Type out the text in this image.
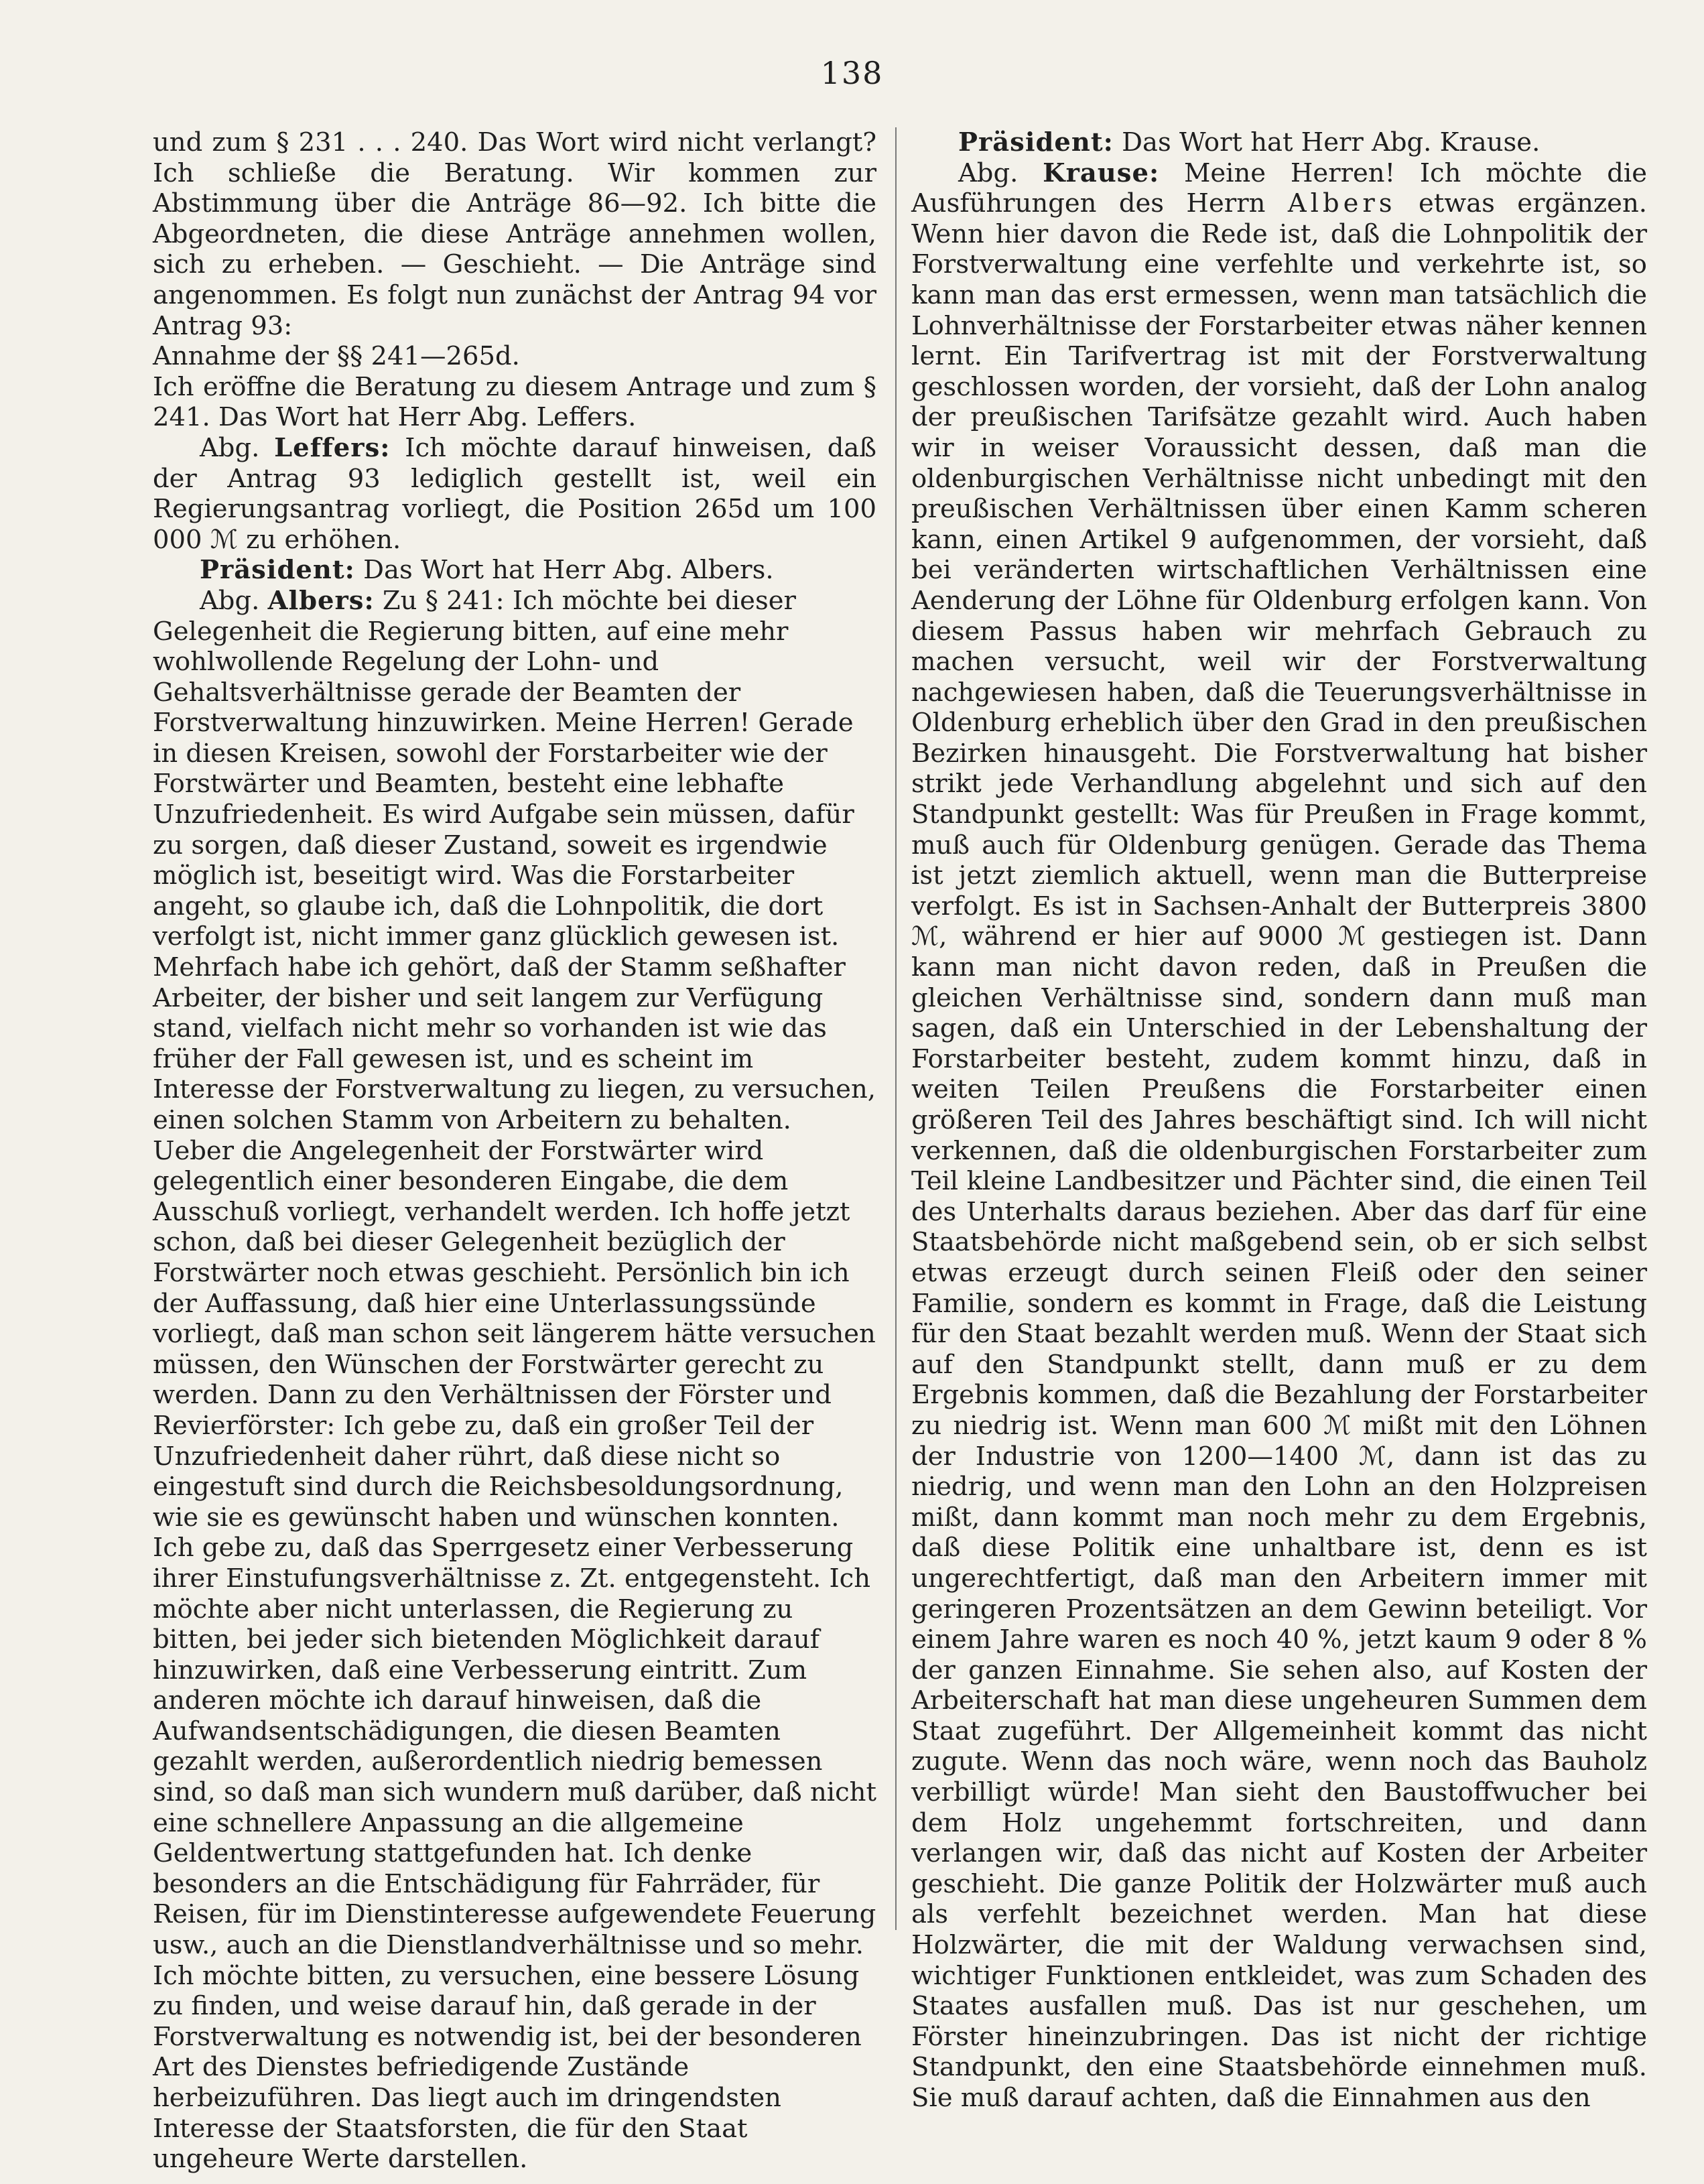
138

und zum § 231 . . . 240. Das Wort wird nicht verlangt? Ich schließe die Beratung. Wir kommen zur Abstimmung über die Anträge 86—92. Ich bitte die Abgeordneten, die diese Anträge annehmen wollen, sich zu erheben. — Geschieht. — Die Anträge sind angenommen. Es folgt nun zunächst der Antrag 94 vor Antrag 93:

Annahme der §§ 241—265d.

Ich eröffne die Beratung zu diesem Antrage und zum § 241. Das Wort hat Herr Abg. Leffers.

Abg. Leffers: Ich möchte darauf hinweisen, daß der Antrag 93 lediglich gestellt ist, weil ein Regierungsantrag vorliegt, die Position 265d um 100 000 ℳ zu erhöhen.

Präsident: Das Wort hat Herr Abg. Albers.

Abg. Albers: Zu § 241: Ich möchte bei dieser Gelegenheit die Regierung bitten, auf eine mehr wohlwollende Regelung der Lohn- und Gehaltsverhältnisse gerade der Beamten der Forstverwaltung hinzuwirken. Meine Herren! Gerade in diesen Kreisen, sowohl der Forstarbeiter wie der Forstwärter und Beamten, besteht eine lebhafte Unzufriedenheit. Es wird Aufgabe sein müssen, dafür zu sorgen, daß dieser Zustand, soweit es irgendwie möglich ist, beseitigt wird. Was die Forstarbeiter angeht, so glaube ich, daß die Lohnpolitik, die dort verfolgt ist, nicht immer ganz glücklich gewesen ist. Mehrfach habe ich gehört, daß der Stamm seßhafter Arbeiter, der bisher und seit langem zur Verfügung stand, vielfach nicht mehr so vorhanden ist wie das früher der Fall gewesen ist, und es scheint im Interesse der Forstverwaltung zu liegen, zu versuchen, einen solchen Stamm von Arbeitern zu behalten. Ueber die Angelegenheit der Forstwärter wird gelegentlich einer besonderen Eingabe, die dem Ausschuß vorliegt, verhandelt werden. Ich hoffe jetzt schon, daß bei dieser Gelegenheit bezüglich der Forstwärter noch etwas geschieht. Persönlich bin ich der Auffassung, daß hier eine Unterlassungssünde vorliegt, daß man schon seit längerem hätte versuchen müssen, den Wünschen der Forstwärter gerecht zu werden. Dann zu den Verhältnissen der Förster und Revierförster: Ich gebe zu, daß ein großer Teil der Unzufriedenheit daher rührt, daß diese nicht so eingestuft sind durch die Reichsbesoldungsordnung, wie sie es gewünscht haben und wünschen konnten. Ich gebe zu, daß das Sperrgesetz einer Verbesserung ihrer Einstufungsverhältnisse z. Zt. entgegensteht. Ich möchte aber nicht unterlassen, die Regierung zu bitten, bei jeder sich bietenden Möglichkeit darauf hinzuwirken, daß eine Verbesserung eintritt. Zum anderen möchte ich darauf hinweisen, daß die Aufwandsentschädigungen, die diesen Beamten gezahlt werden, außerordentlich niedrig bemessen sind, so daß man sich wundern muß darüber, daß nicht eine schnellere Anpassung an die allgemeine Geldentwertung stattgefunden hat. Ich denke besonders an die Entschädigung für Fahrräder, für Reisen, für im Dienstinteresse aufgewendete Feuerung usw., auch an die Dienstlandverhältnisse und so mehr. Ich möchte bitten, zu versuchen, eine bessere Lösung zu finden, und weise darauf hin, daß gerade in der Forstverwaltung es notwendig ist, bei der besonderen Art des Dienstes befriedigende Zustände herbeizuführen. Das liegt auch im dringendsten Interesse der Staatsforsten, die für den Staat ungeheure Werte darstellen.

Präsident: Das Wort hat Herr Abg. Krause.

Abg. Krause: Meine Herren! Ich möchte die Ausführungen des Herrn Albers etwas ergänzen. Wenn hier davon die Rede ist, daß die Lohnpolitik der Forstverwaltung eine verfehlte und verkehrte ist, so kann man das erst ermessen, wenn man tatsächlich die Lohnverhältnisse der Forstarbeiter etwas näher kennen lernt. Ein Tarifvertrag ist mit der Forstverwaltung geschlossen worden, der vorsieht, daß der Lohn analog der preußischen Tarifsätze gezahlt wird. Auch haben wir in weiser Voraussicht dessen, daß man die oldenburgischen Verhältnisse nicht unbedingt mit den preußischen Verhältnissen über einen Kamm scheren kann, einen Artikel 9 aufgenommen, der vorsieht, daß bei veränderten wirtschaftlichen Verhältnissen eine Aenderung der Löhne für Oldenburg erfolgen kann. Von diesem Passus haben wir mehrfach Gebrauch zu machen versucht, weil wir der Forstverwaltung nachgewiesen haben, daß die Teuerungsverhältnisse in Oldenburg erheblich über den Grad in den preußischen Bezirken hinausgeht. Die Forstverwaltung hat bisher strikt jede Verhandlung abgelehnt und sich auf den Standpunkt gestellt: Was für Preußen in Frage kommt, muß auch für Oldenburg genügen. Gerade das Thema ist jetzt ziemlich aktuell, wenn man die Butterpreise verfolgt. Es ist in Sachsen-Anhalt der Butterpreis 3800 ℳ, während er hier auf 9000 ℳ gestiegen ist. Dann kann man nicht davon reden, daß in Preußen die gleichen Verhältnisse sind, sondern dann muß man sagen, daß ein Unterschied in der Lebenshaltung der Forstarbeiter besteht, zudem kommt hinzu, daß in weiten Teilen Preußens die Forstarbeiter einen größeren Teil des Jahres beschäftigt sind. Ich will nicht verkennen, daß die oldenburgischen Forstarbeiter zum Teil kleine Landbesitzer und Pächter sind, die einen Teil des Unterhalts daraus beziehen. Aber das darf für eine Staatsbehörde nicht maßgebend sein, ob er sich selbst etwas erzeugt durch seinen Fleiß oder den seiner Familie, sondern es kommt in Frage, daß die Leistung für den Staat bezahlt werden muß. Wenn der Staat sich auf den Standpunkt stellt, dann muß er zu dem Ergebnis kommen, daß die Bezahlung der Forstarbeiter zu niedrig ist. Wenn man 600 ℳ mißt mit den Löhnen der Industrie von 1200—1400 ℳ, dann ist das zu niedrig, und wenn man den Lohn an den Holzpreisen mißt, dann kommt man noch mehr zu dem Ergebnis, daß diese Politik eine unhaltbare ist, denn es ist ungerechtfertigt, daß man den Arbeitern immer mit geringeren Prozentsätzen an dem Gewinn beteiligt. Vor einem Jahre waren es noch 40 %, jetzt kaum 9 oder 8 % der ganzen Einnahme. Sie sehen also, auf Kosten der Arbeiterschaft hat man diese ungeheuren Summen dem Staat zugeführt. Der Allgemeinheit kommt das nicht zugute. Wenn das noch wäre, wenn noch das Bauholz verbilligt würde! Man sieht den Baustoffwucher bei dem Holz ungehemmt fortschreiten, und dann verlangen wir, daß das nicht auf Kosten der Arbeiter geschieht. Die ganze Politik der Holzwärter muß auch als verfehlt bezeichnet werden. Man hat diese Holzwärter, die mit der Waldung verwachsen sind, wichtiger Funktionen entkleidet, was zum Schaden des Staates ausfallen muß. Das ist nur geschehen, um Förster hineinzubringen. Das ist nicht der richtige Standpunkt, den eine Staatsbehörde einnehmen muß. Sie muß darauf achten, daß die Einnahmen aus den
